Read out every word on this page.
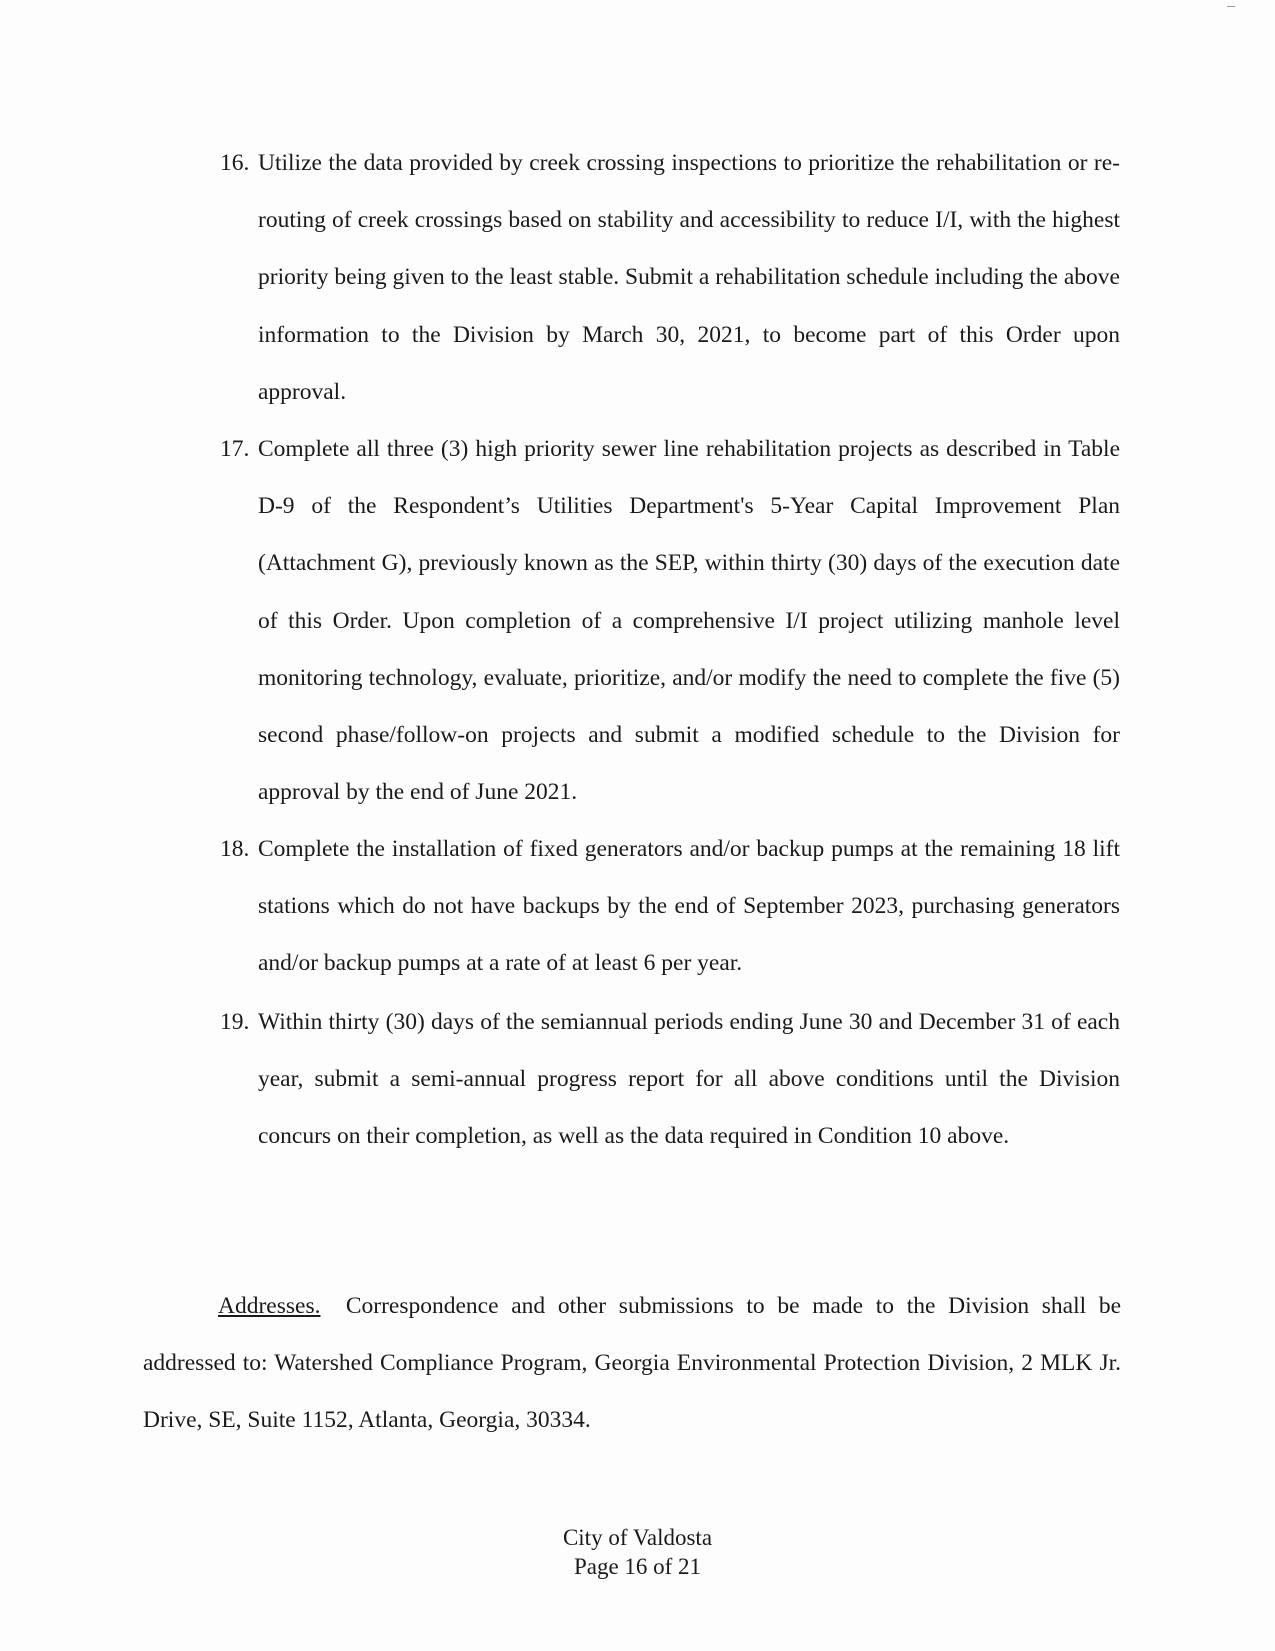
16. Utilize the data provided by creek crossing inspections to prioritize the rehabilitation or re-routing of creek crossings based on stability and accessibility to reduce I/I, with the highest priority being given to the least stable. Submit a rehabilitation schedule including the above information to the Division by March 30, 2021, to become part of this Order upon approval.
17. Complete all three (3) high priority sewer line rehabilitation projects as described in Table D-9 of the Respondent’s Utilities Department's 5-Year Capital Improvement Plan (Attachment G), previously known as the SEP, within thirty (30) days of the execution date of this Order. Upon completion of a comprehensive I/I project utilizing manhole level monitoring technology, evaluate, prioritize, and/or modify the need to complete the five (5) second phase/follow-on projects and submit a modified schedule to the Division for approval by the end of June 2021.
18. Complete the installation of fixed generators and/or backup pumps at the remaining 18 lift stations which do not have backups by the end of September 2023, purchasing generators and/or backup pumps at a rate of at least 6 per year.
19. Within thirty (30) days of the semiannual periods ending June 30 and December 31 of each year, submit a semi-annual progress report for all above conditions until the Division concurs on their completion, as well as the data required in Condition 10 above.
Addresses. Correspondence and other submissions to be made to the Division shall be addressed to: Watershed Compliance Program, Georgia Environmental Protection Division, 2 MLK Jr. Drive, SE, Suite 1152, Atlanta, Georgia, 30334.
City of Valdosta
Page 16 of 21
